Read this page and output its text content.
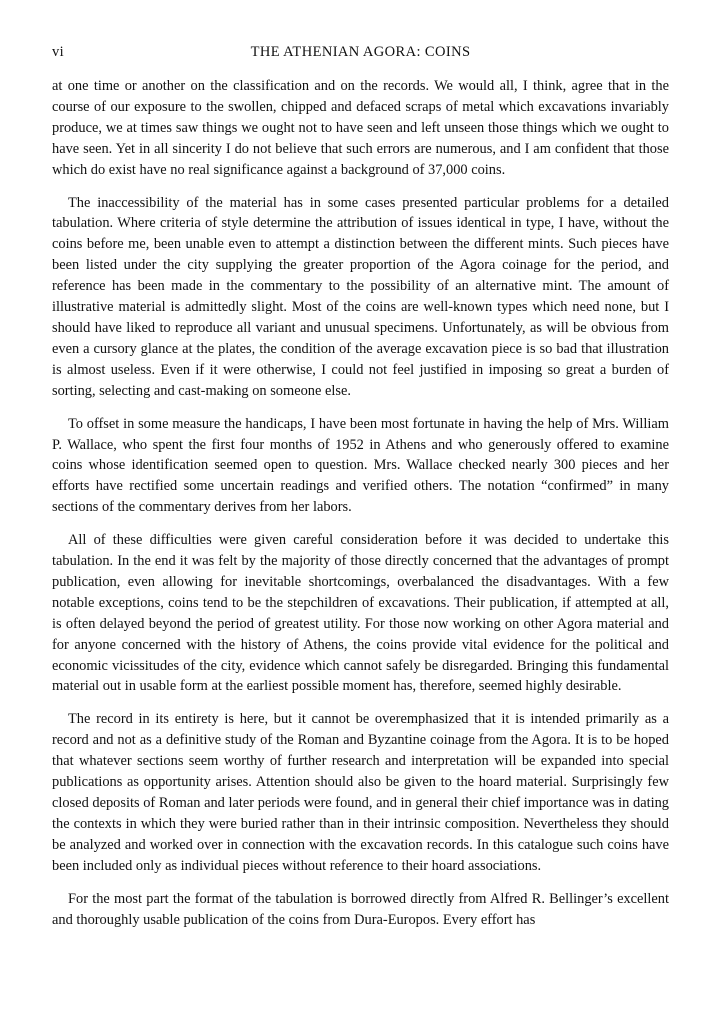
vi	THE ATHENIAN AGORA: COINS

at one time or another on the classification and on the records. We would all, I think, agree that in the course of our exposure to the swollen, chipped and defaced scraps of metal which excavations invariably produce, we at times saw things we ought not to have seen and left unseen those things which we ought to have seen. Yet in all sincerity I do not believe that such errors are numerous, and I am confident that those which do exist have no real significance against a background of 37,000 coins.

The inaccessibility of the material has in some cases presented particular problems for a detailed tabulation. Where criteria of style determine the attribution of issues identical in type, I have, without the coins before me, been unable even to attempt a distinction between the different mints. Such pieces have been listed under the city supplying the greater proportion of the Agora coinage for the period, and reference has been made in the commentary to the possibility of an alternative mint. The amount of illustrative material is admittedly slight. Most of the coins are well-known types which need none, but I should have liked to reproduce all variant and unusual specimens. Unfortunately, as will be obvious from even a cursory glance at the plates, the condition of the average excavation piece is so bad that illustration is almost useless. Even if it were otherwise, I could not feel justified in imposing so great a burden of sorting, selecting and cast-making on someone else.

To offset in some measure the handicaps, I have been most fortunate in having the help of Mrs. William P. Wallace, who spent the first four months of 1952 in Athens and who generously offered to examine coins whose identification seemed open to question. Mrs. Wallace checked nearly 300 pieces and her efforts have rectified some uncertain readings and verified others. The notation “confirmed” in many sections of the commentary derives from her labors.

All of these difficulties were given careful consideration before it was decided to undertake this tabulation. In the end it was felt by the majority of those directly concerned that the advantages of prompt publication, even allowing for inevitable shortcomings, overbalanced the disadvantages. With a few notable exceptions, coins tend to be the stepchildren of excavations. Their publication, if attempted at all, is often delayed beyond the period of greatest utility. For those now working on other Agora material and for anyone concerned with the history of Athens, the coins provide vital evidence for the political and economic vicissitudes of the city, evidence which cannot safely be disregarded. Bringing this fundamental material out in usable form at the earliest possible moment has, therefore, seemed highly desirable.

The record in its entirety is here, but it cannot be overemphasized that it is intended primarily as a record and not as a definitive study of the Roman and Byzantine coinage from the Agora. It is to be hoped that whatever sections seem worthy of further research and interpretation will be expanded into special publications as opportunity arises. Attention should also be given to the hoard material. Surprisingly few closed deposits of Roman and later periods were found, and in general their chief importance was in dating the contexts in which they were buried rather than in their intrinsic composition. Nevertheless they should be analyzed and worked over in connection with the excavation records. In this catalogue such coins have been included only as individual pieces without reference to their hoard associations.

For the most part the format of the tabulation is borrowed directly from Alfred R. Bellinger’s excellent and thoroughly usable publication of the coins from Dura-Europos. Every effort has
